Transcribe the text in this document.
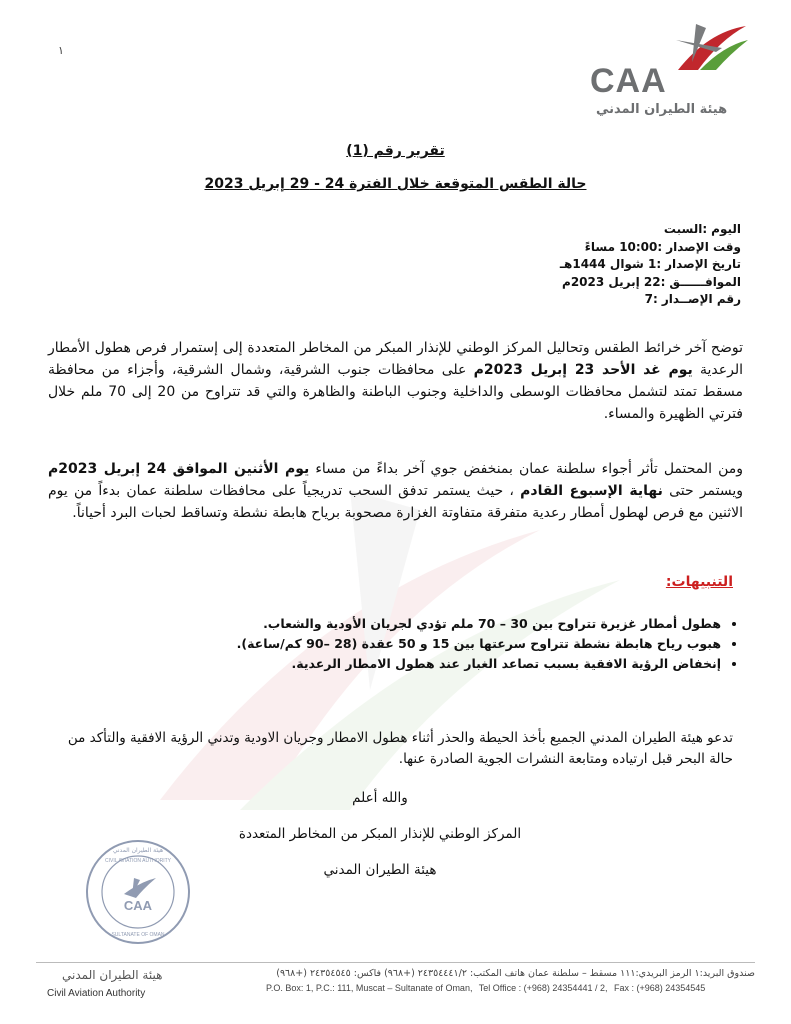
١
CAA
هيئة الطيران المدني
تقرير رقم (1)
حالة الطقس المتوقعة خلال الفترة 24 - 29 إبريل 2023
اليوم:السبت
وقت الإصدار:10:00 مساءً
تاريخ الإصدار:1 شوال 1444هـ
الموافــــــق:22 إبريل 2023م
رقم الإصــدار:7
توضح آخر خرائط الطقس وتحاليل المركز الوطني للإنذار المبكر من المخاطر المتعددة إلى إستمرار فرص هطول الأمطار الرعدية يوم غد الأحد 23 إبريل 2023م على محافظات جنوب الشرقية، وشمال الشرقية، وأجزاء من محافظة مسقط تمتد لتشمل محافظات الوسطى والداخلية وجنوب الباطنة والظاهرة والتي قد تتراوح من 20 إلى 70 ملم خلال فترتي الظهيرة والمساء.
ومن المحتمل تأثر أجواء سلطنة عمان بمنخفض جوي آخر بداءً من مساء يوم الأثنين الموافق 24 إبريل 2023م ويستمر حتى نهاية الإسبوع القادم ، حيث يستمر تدفق السحب تدريجياً على محافظات سلطنة عمان بدءاً من يوم الاثنين مع فرص لهطول أمطار رعدية متفرقة متفاوتة الغزارة مصحوبة برياح هابطة نشطة وتساقط لحبات البرد أحياناً.
التنبيهات:
• هطول أمطار غزيرة تتراوح بين 30 – 70 ملم تؤدي لجريان الأودية والشعاب.
• هبوب رياح هابطة نشطة تتراوح سرعتها بين 15 و 50 عقدة (28 –90 كم/ساعة).
• إنخفاض الرؤية الافقية بسبب تصاعد الغبار عند هطول الامطار الرعدية.
تدعو هيئة الطيران المدني الجميع بأخذ الحيطة والحذر أثناء هطول الامطار وجريان الاودية وتدني الرؤية الافقية والتأكد من حالة البحر قبل ارتياده ومتابعة النشرات الجوية الصادرة عنها.
والله أعلم
المركز الوطني للإنذار المبكر من المخاطر المتعددة
هيئة الطيران المدني
CAA
هيئة الطيران المدني
CIVIL AVIATION AUTHORITY
SULTANATE OF OMAN
هيئة الطيران المدني
Civil Aviation Authority
صندوق البريد:١ الرمز البريدي:١١١ مسقط – سلطنة عمان هاتف المكتب: ٢٤٣٥٤٤٤١/٢ (+٩٦٨) فاكس: ٢٤٣٥٤٥٤٥ (+٩٦٨)
P.O. Box: 1, P.C.: 111, Muscat – Sultanate of Oman, Tel Office : (+968) 24354441 / 2, Fax : (+968) 24354545
